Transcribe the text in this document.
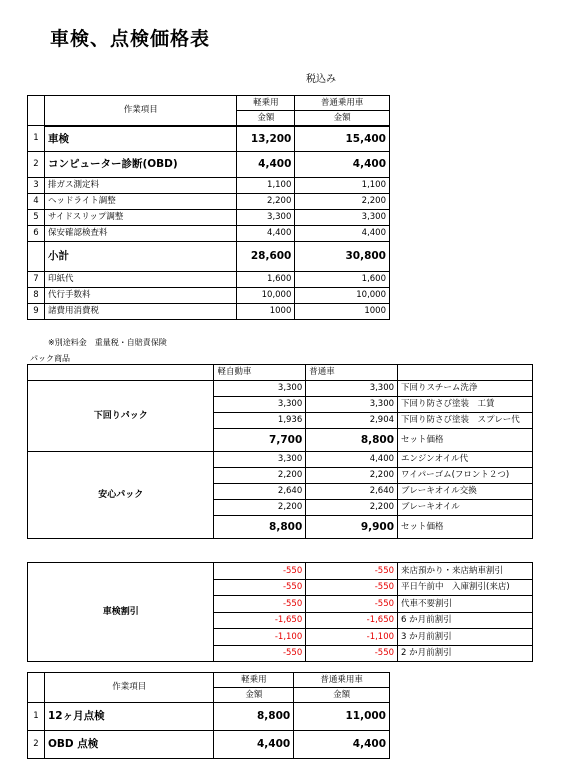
車検、点検価格表
税込み
	作業項目	軽乗用	普通乗用車
		金額	金額
1	車検	13,200	15,400
2	コンピューター診断(OBD)	4,400	4,400
3	排ガス測定料	1,100	1,100
4	ヘッドライト調整	2,200	2,200
5	サイドスリップ調整	3,300	3,300
6	保安確認検査料	4,400	4,400
	小計	28,600	30,800
7	印紙代	1,600	1,600
8	代行手数料	10,000	10,000
9	諸費用消費税	1000	1000
※別途料金　重量税・自賠責保険
パック商品
	軽自動車	普通車	
下回りパック	3,300	3,300	下回りスチーム洗浄
	3,300	3,300	下回り防さび塗装　工賃
	1,936	2,904	下回り防さび塗装　スプレー代
	7,700	8,800	セット価格
安心パック	3,300	4,400	エンジンオイル代
	2,200	2,200	ワイパーゴム(フロント２つ)
	2,640	2,640	ブレーキオイル交換
	2,200	2,200	ブレーキオイル
	8,800	9,900	セット価格
車検割引	-550	-550	来店預かり・来店納車割引
	-550	-550	平日午前中　入庫割引(来店)
	-550	-550	代車不要割引
	-1,650	-1,650	6 か月前割引
	-1,100	-1,100	3 か月前割引
	-550	-550	2 か月前割引
	作業項目	軽乗用	普通乗用車
		金額	金額
1	12ヶ月点検	8,800	11,000
2	OBD 点検	4,400	4,400
